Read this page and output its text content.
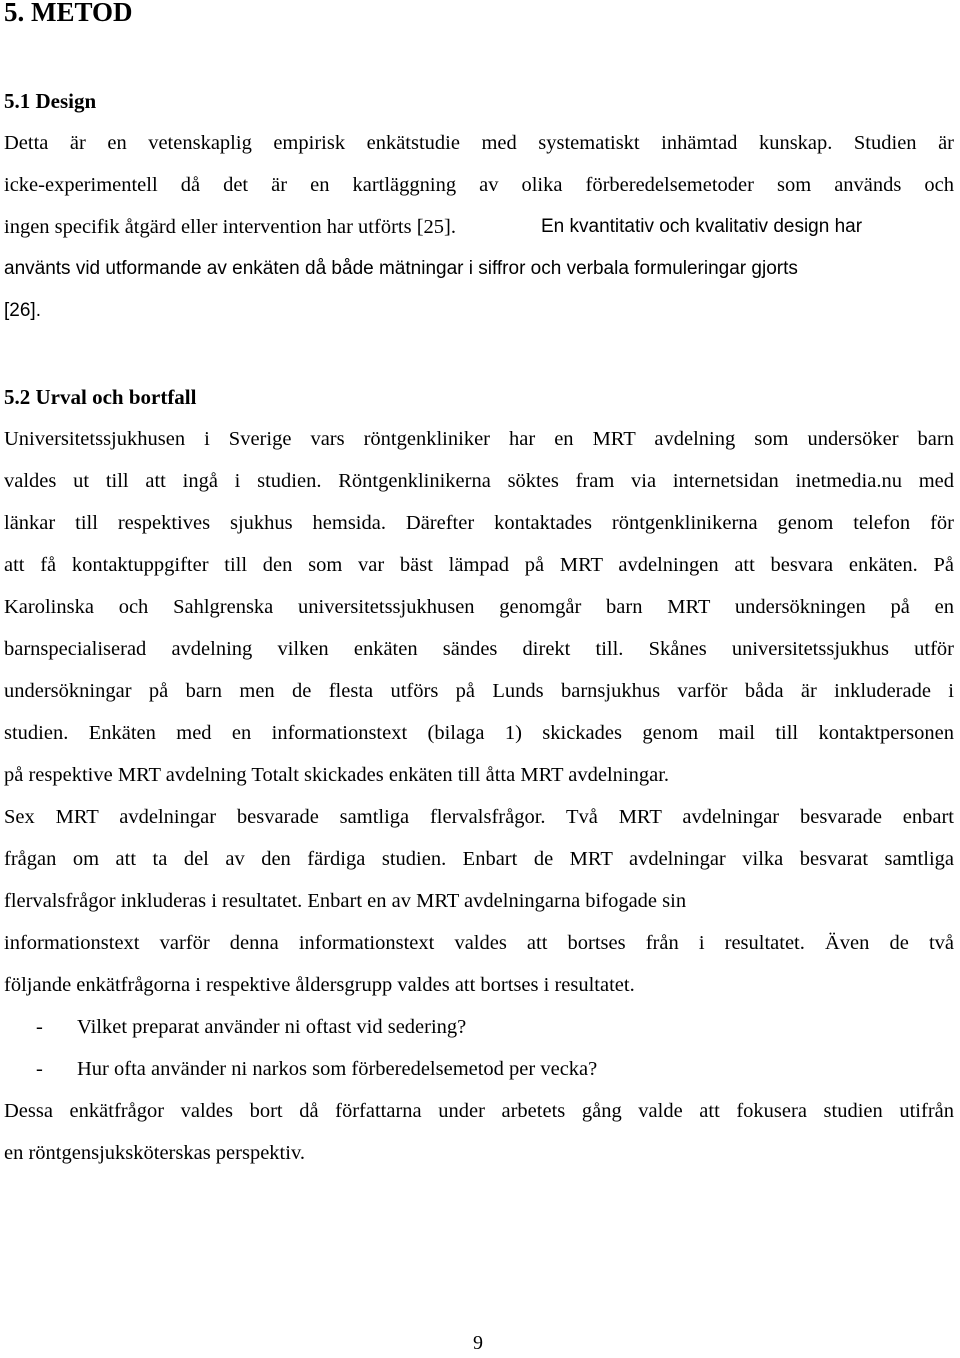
5. METOD
5.1 Design

Detta är en vetenskaplig empirisk enkätstudie med systematiskt inhämtad kunskap. Studien är

icke-experimentell då det är en kartläggning av olika förberedelsemetoder som används och

ingen specifik åtgärd eller intervention har utförts [25].	En kvantitativ och kvalitativ design har

använts vid utformande av enkäten då både mätningar i siffror och verbala formuleringar gjorts

[26].

5.2 Urval och bortfall

Universitetssjukhusen i Sverige vars röntgenkliniker har en MRT avdelning som undersöker barn

valdes ut till att ingå i studien. Röntgenklinikerna söktes fram via internetsidan inetmedia.nu med

länkar till respektives sjukhus hemsida. Därefter kontaktades röntgenklinikerna genom telefon för

att få kontaktuppgifter till den som var bäst lämpad på MRT avdelningen att besvara enkäten. På

Karolinska och Sahlgrenska universitetssjukhusen genomgår barn MRT undersökningen på en

barnspecialiserad avdelning vilken enkäten sändes direkt till. Skånes universitetssjukhus utför

undersökningar på barn men de flesta utförs på Lunds barnsjukhus varför båda är inkluderade i

studien. Enkäten med en informationstext (bilaga 1) skickades genom mail till kontaktpersonen

på respektive MRT avdelning Totalt skickades enkäten till åtta MRT avdelningar.

Sex MRT avdelningar besvarade samtliga flervalsfrågor. Två MRT avdelningar besvarade enbart

frågan om att ta del av den färdiga studien. Enbart de MRT avdelningar vilka besvarat samtliga

flervalsfrågor inkluderas i resultatet. Enbart en av MRT avdelningarna bifogade sin

informationstext varför denna informationstext valdes att bortses från i resultatet. Även de två

följande enkätfrågorna i respektive åldersgrupp valdes att bortses i resultatet.

- Vilket preparat använder ni oftast vid sedering?
- Hur ofta använder ni narkos som förberedelsemetod per vecka?

Dessa enkätfrågor valdes bort då författarna under arbetets gång valde att fokusera studien utifrån

en röntgensjuksköterskas perspektiv.

9
